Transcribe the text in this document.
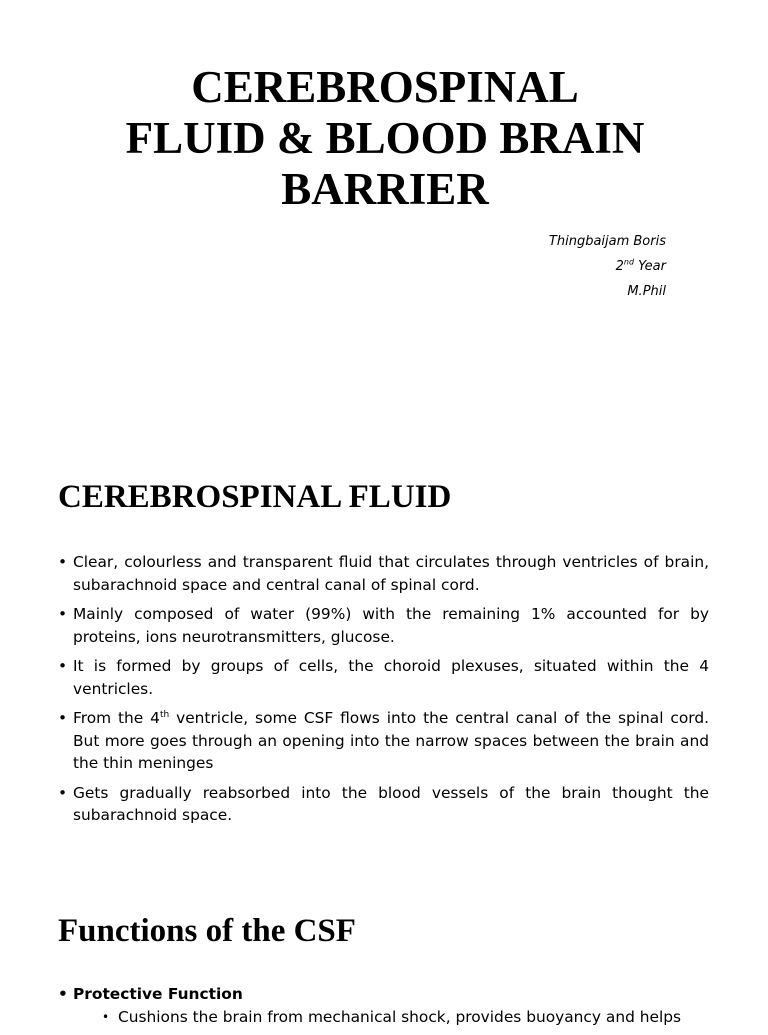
CEREBROSPINAL
FLUID & BLOOD BRAIN
BARRIER
Thingbaijam Boris
2nd Year
M.Phil
CEREBROSPINAL FLUID
• Clear, colourless and transparent fluid that circulates through ventricles of brain, subarachnoid space and central canal of spinal cord.
• Mainly composed of water (99%) with the remaining 1% accounted for by proteins, ions neurotransmitters, glucose.
• It is formed by groups of cells, the choroid plexuses, situated within the 4 ventricles.
• From the 4th ventricle, some CSF flows into the central canal of the spinal cord. But more goes through an opening into the narrow spaces between the brain and the thin meninges
• Gets gradually reabsorbed into the blood vessels of the brain thought the subarachnoid space.
Functions of the CSF
• Protective Function
• Cushions the brain from mechanical shock, provides buoyancy and helps
